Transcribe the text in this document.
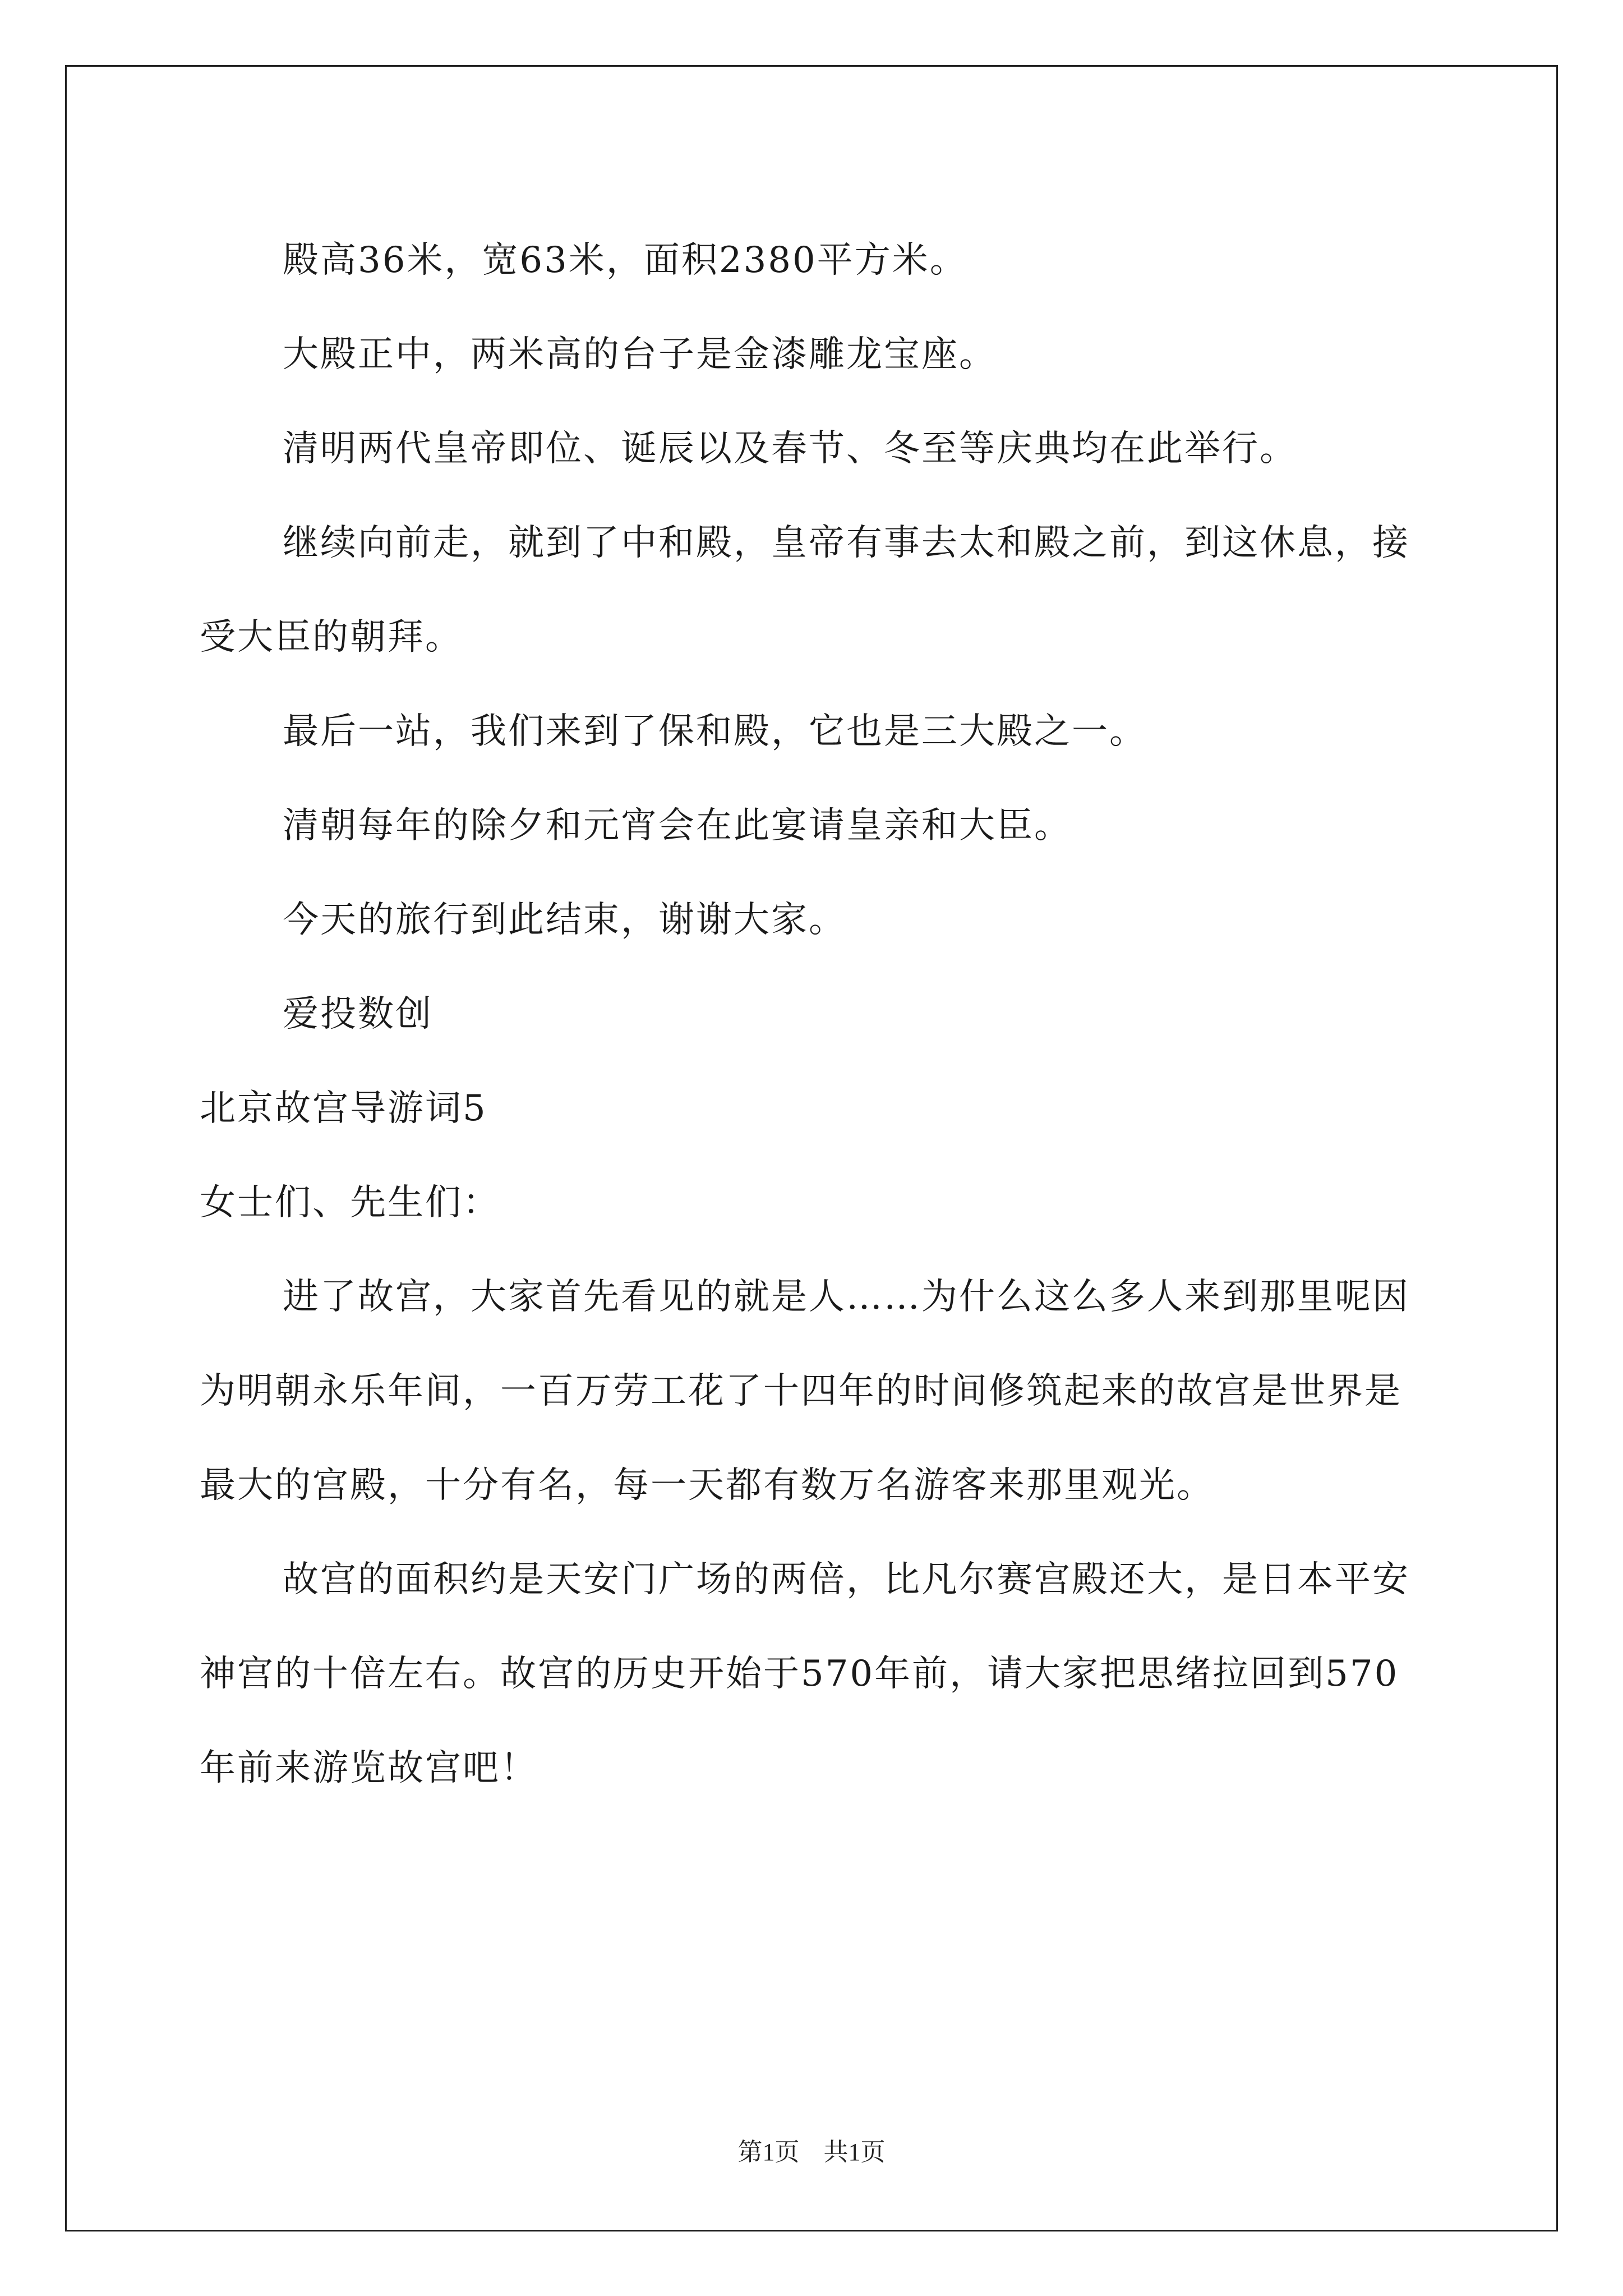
殿高36米，宽63米，面积2380平方米。

大殿正中，两米高的台子是金漆雕龙宝座。

清明两代皇帝即位、诞辰以及春节、冬至等庆典均在此举行。

继续向前走，就到了中和殿，皇帝有事去太和殿之前，到这休息，接受大臣的朝拜。

最后一站，我们来到了保和殿，它也是三大殿之一。

清朝每年的除夕和元宵会在此宴请皇亲和大臣。

今天的旅行到此结束，谢谢大家。

爱投数创

北京故宫导游词5

女士们、先生们：

进了故宫，大家首先看见的就是人……为什么这么多人来到那里呢因为明朝永乐年间，一百万劳工花了十四年的时间修筑起来的故宫是世界是最大的宫殿，十分有名，每一天都有数万名游客来那里观光。

故宫的面积约是天安门广场的两倍，比凡尔赛宫殿还大，是日本平安神宫的十倍左右。故宫的历史开始于570年前，请大家把思绪拉回到570年前来游览故宫吧！

第1页 共1页
